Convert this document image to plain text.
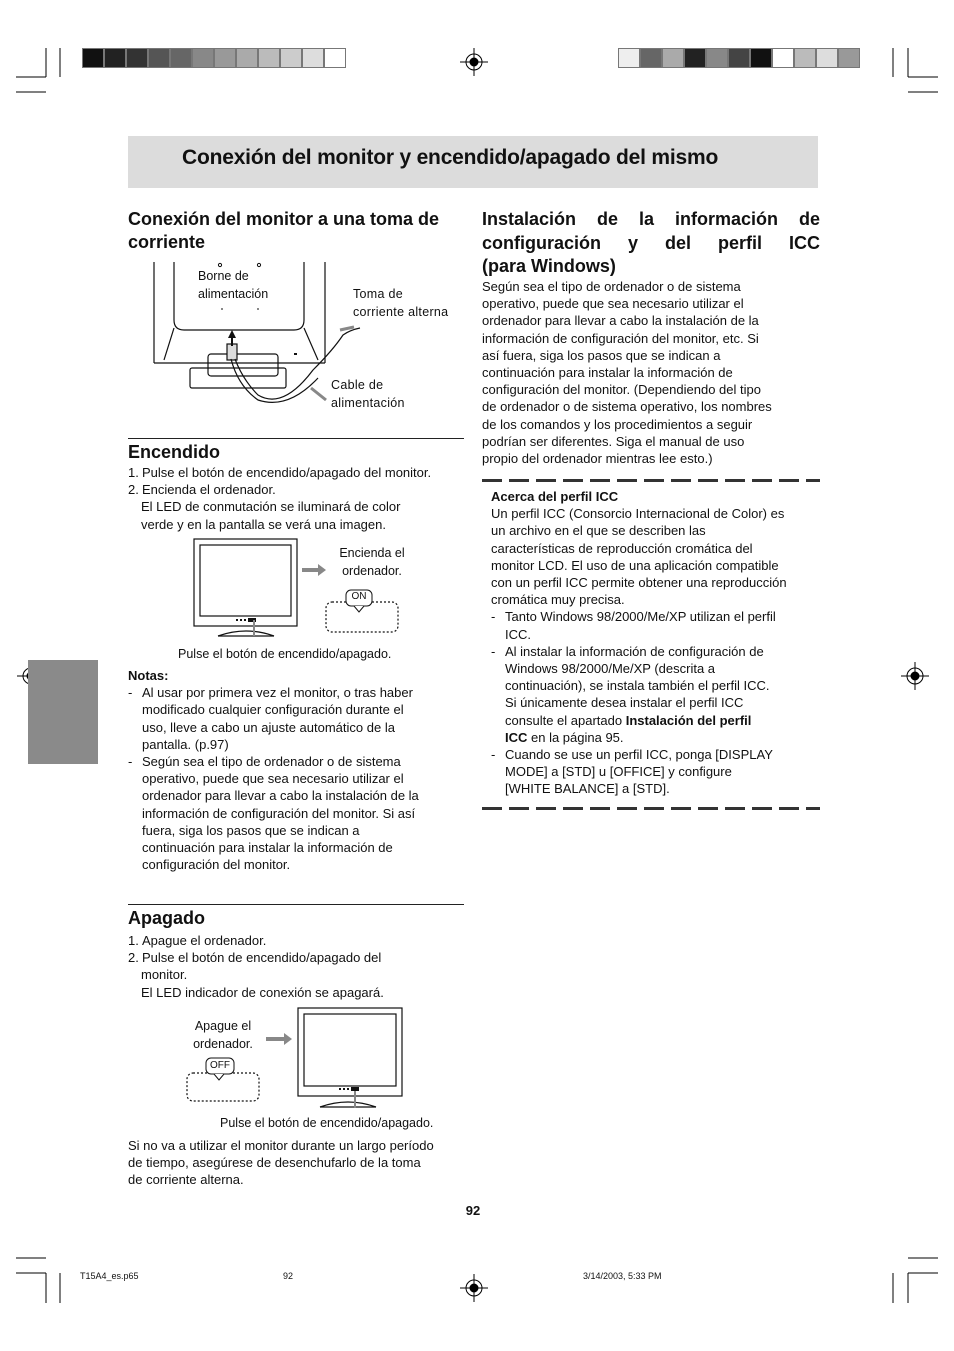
Conexión del monitor y encendido/apagado del mismo
Conexión del monitor a una toma de corriente
Borne de
alimentación	Toma de
corriente alterna
Cable de
alimentación
Encendido
1. Pulse el botón de encendido/apagado del monitor.
2. Encienda el ordenador.
El LED de conmutación se iluminará de color
verde y en la pantalla se verá una imagen.
ON
Encienda el
ordenador.
Pulse el botón de encendido/apagado.
Notas:
- Al usar por primera vez el monitor, o tras haber
modificado cualquier configuración durante el
uso, lleve a cabo un ajuste automático de la
pantalla. (p.97)
- Según sea el tipo de ordenador o de sistema
operativo, puede que sea necesario utilizar el
ordenador para llevar a cabo la instalación de la
información de configuración del monitor. Si así
fuera, siga los pasos que se indican a
continuación para instalar la información de
configuración del monitor.
Apagado
1. Apague el ordenador.
2. Pulse el botón de encendido/apagado del
monitor.
El LED indicador de conexión se apagará.
OFF
Apague el
ordenador.
Pulse el botón de encendido/apagado.
Si no va a utilizar el monitor durante un largo período
de tiempo, asegúrese de desenchufarlo de la toma
de corriente alterna.
Instalación de la información de
configuración y del perfil ICC
(para Windows)
Según sea el tipo de ordenador o de sistema
operativo, puede que sea necesario utilizar el
ordenador para llevar a cabo la instalación de la
información de configuración del monitor, etc. Si
así fuera, siga los pasos que se indican a
continuación para instalar la información de
configuración del monitor. (Dependiendo del tipo
de ordenador o de sistema operativo, los nombres
de los comandos y los procedimientos a seguir
podrían ser diferentes. Siga el manual de uso
propio del ordenador mientras lee esto.)
Acerca del perfil ICC
Un perfil ICC (Consorcio Internacional de Color) es
un archivo en el que se describen las
características de reproducción cromática del
monitor LCD. El uso de una aplicación compatible
con un perfil ICC permite obtener una reproducción
cromática muy precisa.
- Tanto Windows 98/2000/Me/XP utilizan el perfil
ICC.
- Al instalar la información de configuración de
Windows 98/2000/Me/XP (descrita a
continuación), se instala también el perfil ICC.
Si únicamente desea instalar el perfil ICC
consulte el apartado Instalación del perfil
ICC en la página 95.
- Cuando se use un perfil ICC, ponga [DISPLAY
MODE] a [STD] u [OFFICE] y configure
[WHITE BALANCE] a [STD].
92
T15A4_es.p65	92	3/14/2003, 5:33 PM
